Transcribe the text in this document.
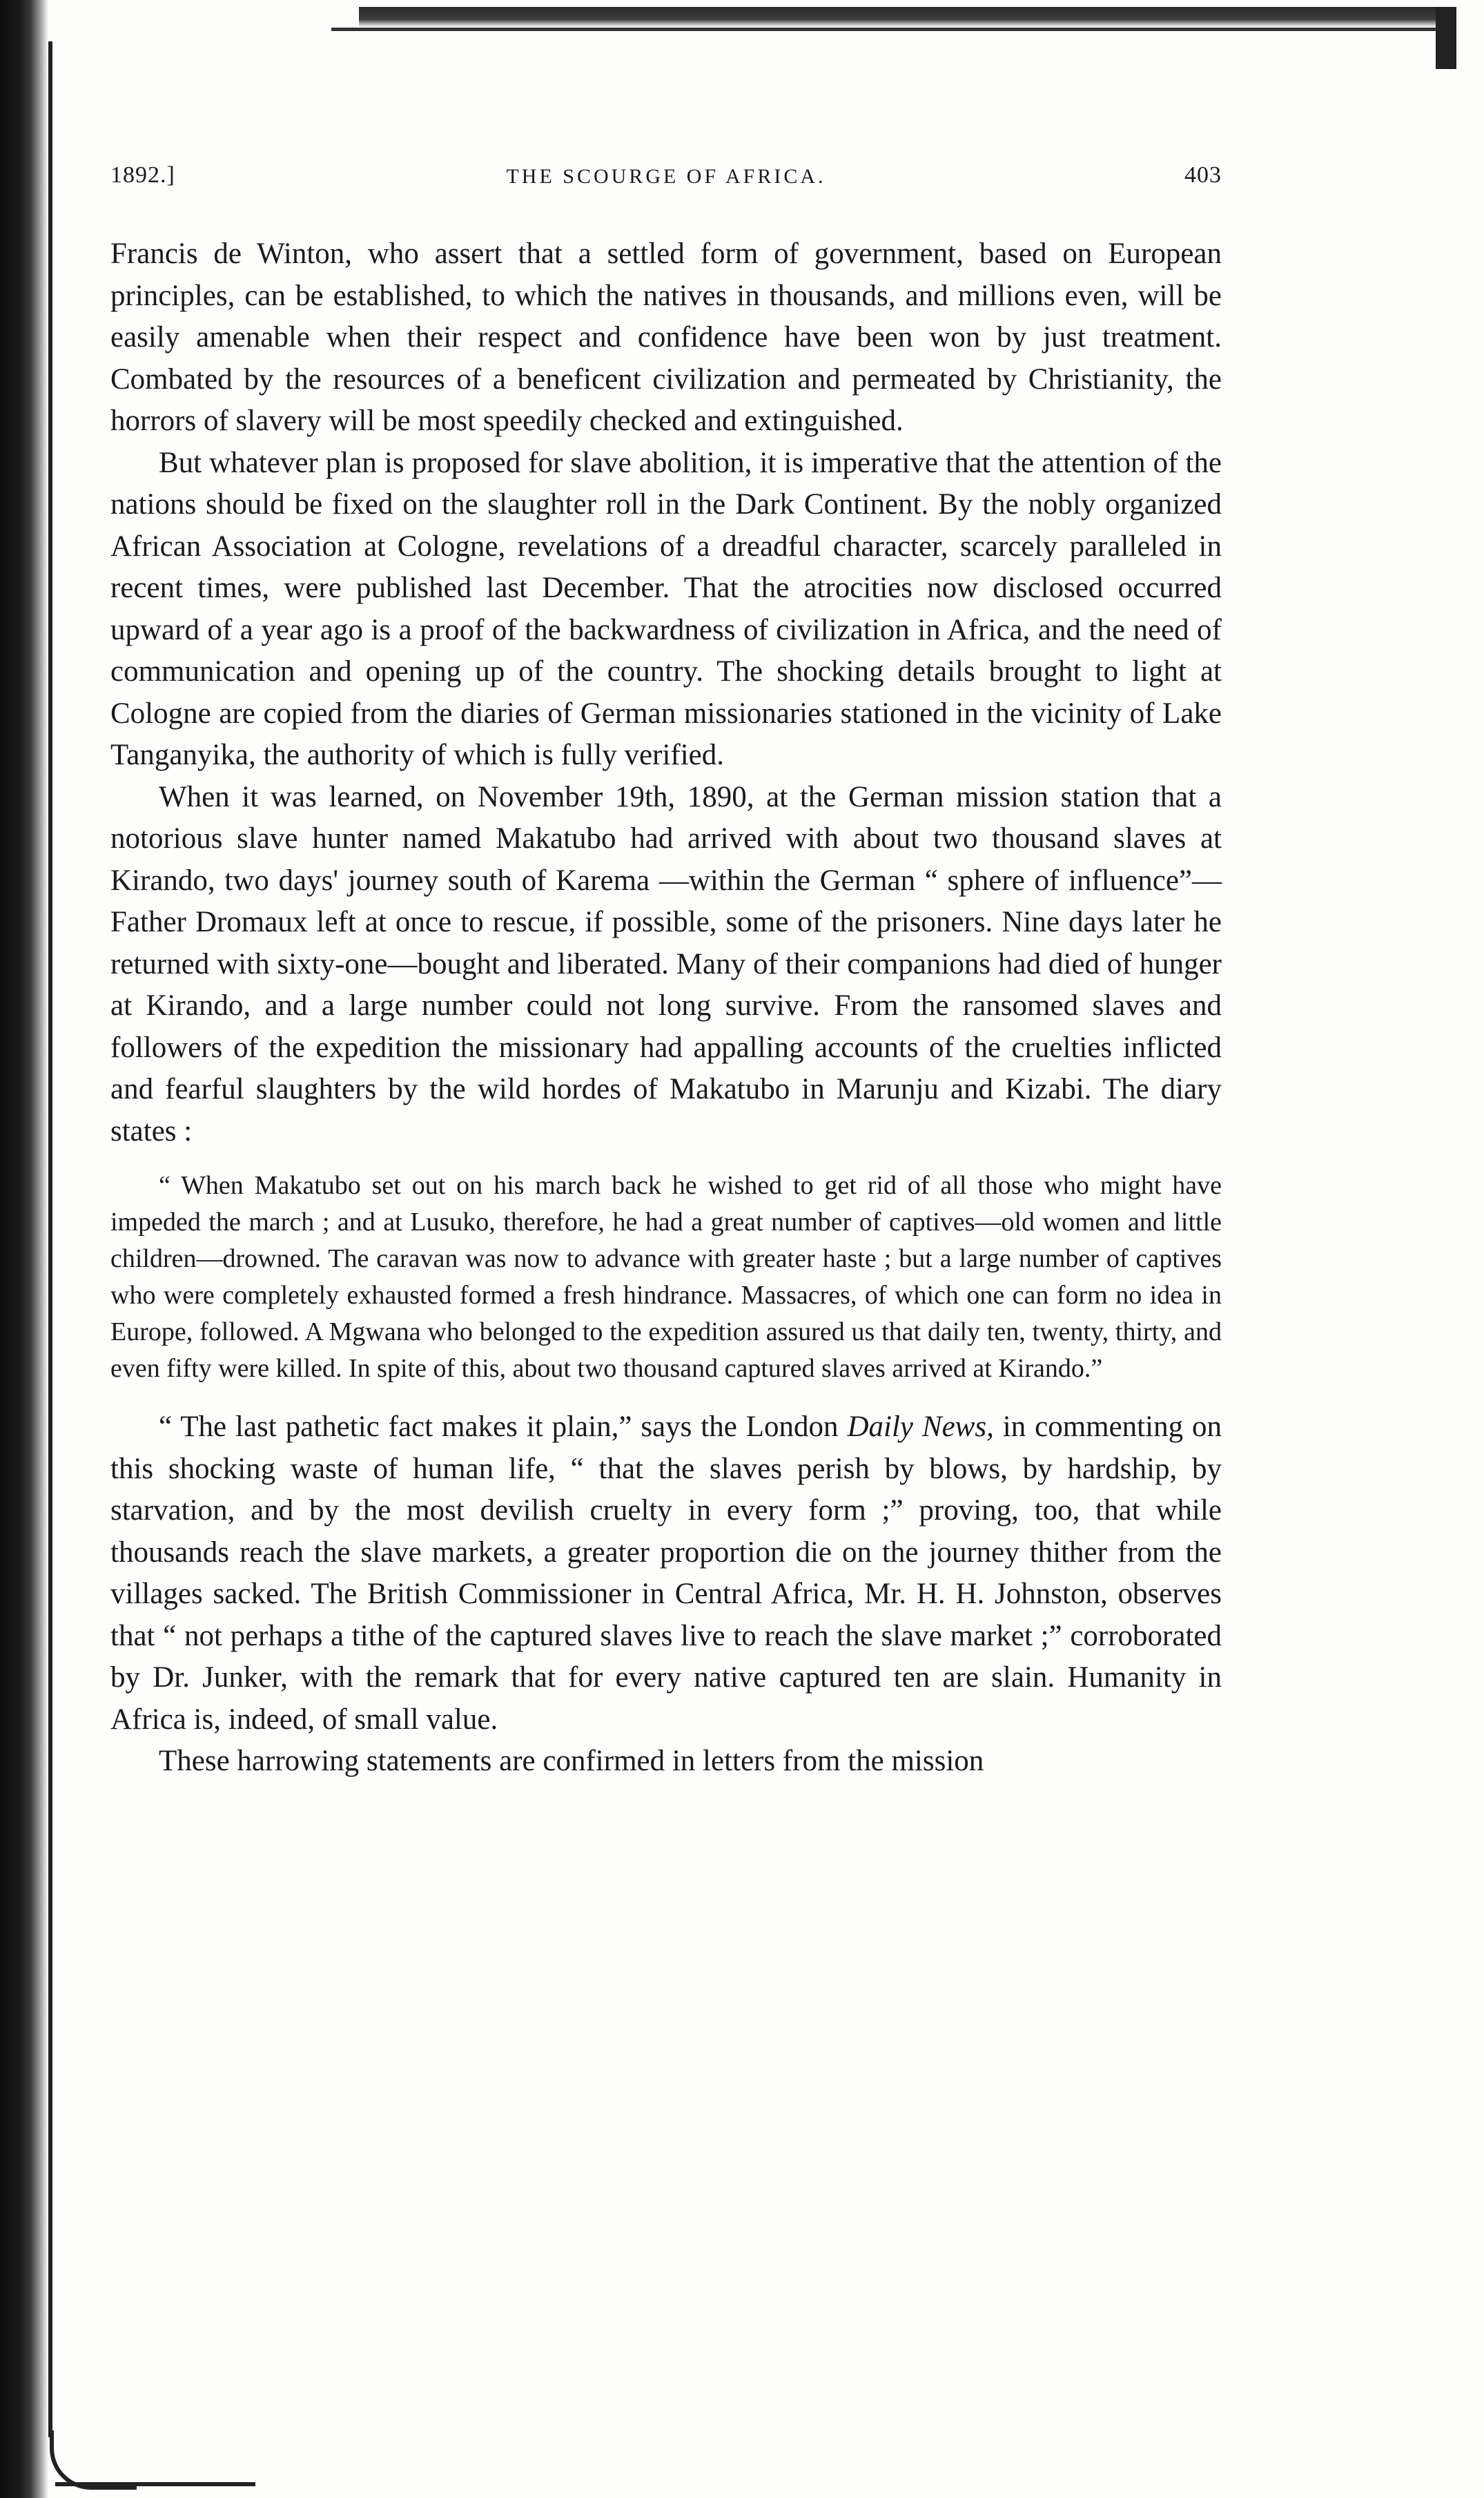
1892.]	THE SCOURGE OF AFRICA.	403

Francis de Winton, who assert that a settled form of government, based on European principles, can be established, to which the natives in thousands, and millions even, will be easily amenable when their respect and confidence have been won by just treatment. Combated by the resources of a beneficent civilization and permeated by Christianity, the horrors of slavery will be most speedily checked and extinguished.

But whatever plan is proposed for slave abolition, it is imperative that the attention of the nations should be fixed on the slaughter roll in the Dark Continent. By the nobly organized African Association at Cologne, revelations of a dreadful character, scarcely paralleled in recent times, were published last December. That the atrocities now disclosed occurred upward of a year ago is a proof of the backwardness of civilization in Africa, and the need of communication and opening up of the country. The shocking details brought to light at Cologne are copied from the diaries of German missionaries stationed in the vicinity of Lake Tanganyika, the authority of which is fully verified.

When it was learned, on November 19th, 1890, at the German mission station that a notorious slave hunter named Makatubo had arrived with about two thousand slaves at Kirando, two days' journey south of Karema —within the German “ sphere of influence”—Father Dromaux left at once to rescue, if possible, some of the prisoners. Nine days later he returned with sixty-one—bought and liberated. Many of their companions had died of hunger at Kirando, and a large number could not long survive. From the ransomed slaves and followers of the expedition the missionary had appalling accounts of the cruelties inflicted and fearful slaughters by the wild hordes of Makatubo in Marunju and Kizabi. The diary states :

“ When Makatubo set out on his march back he wished to get rid of all those who might have impeded the march ; and at Lusuko, therefore, he had a great number of captives—old women and little children—drowned. The caravan was now to advance with greater haste ; but a large number of captives who were completely exhausted formed a fresh hindrance. Massacres, of which one can form no idea in Europe, followed. A Mgwana who belonged to the expedition assured us that daily ten, twenty, thirty, and even fifty were killed. In spite of this, about two thousand captured slaves arrived at Kirando.”

“ The last pathetic fact makes it plain,” says the London Daily News, in commenting on this shocking waste of human life, “ that the slaves perish by blows, by hardship, by starvation, and by the most devilish cruelty in every form ;” proving, too, that while thousands reach the slave markets, a greater proportion die on the journey thither from the villages sacked. The British Commissioner in Central Africa, Mr. H. H. Johnston, observes that “ not perhaps a tithe of the captured slaves live to reach the slave market ;” corroborated by Dr. Junker, with the remark that for every native captured ten are slain. Humanity in Africa is, indeed, of small value.

These harrowing statements are confirmed in letters from the mission
